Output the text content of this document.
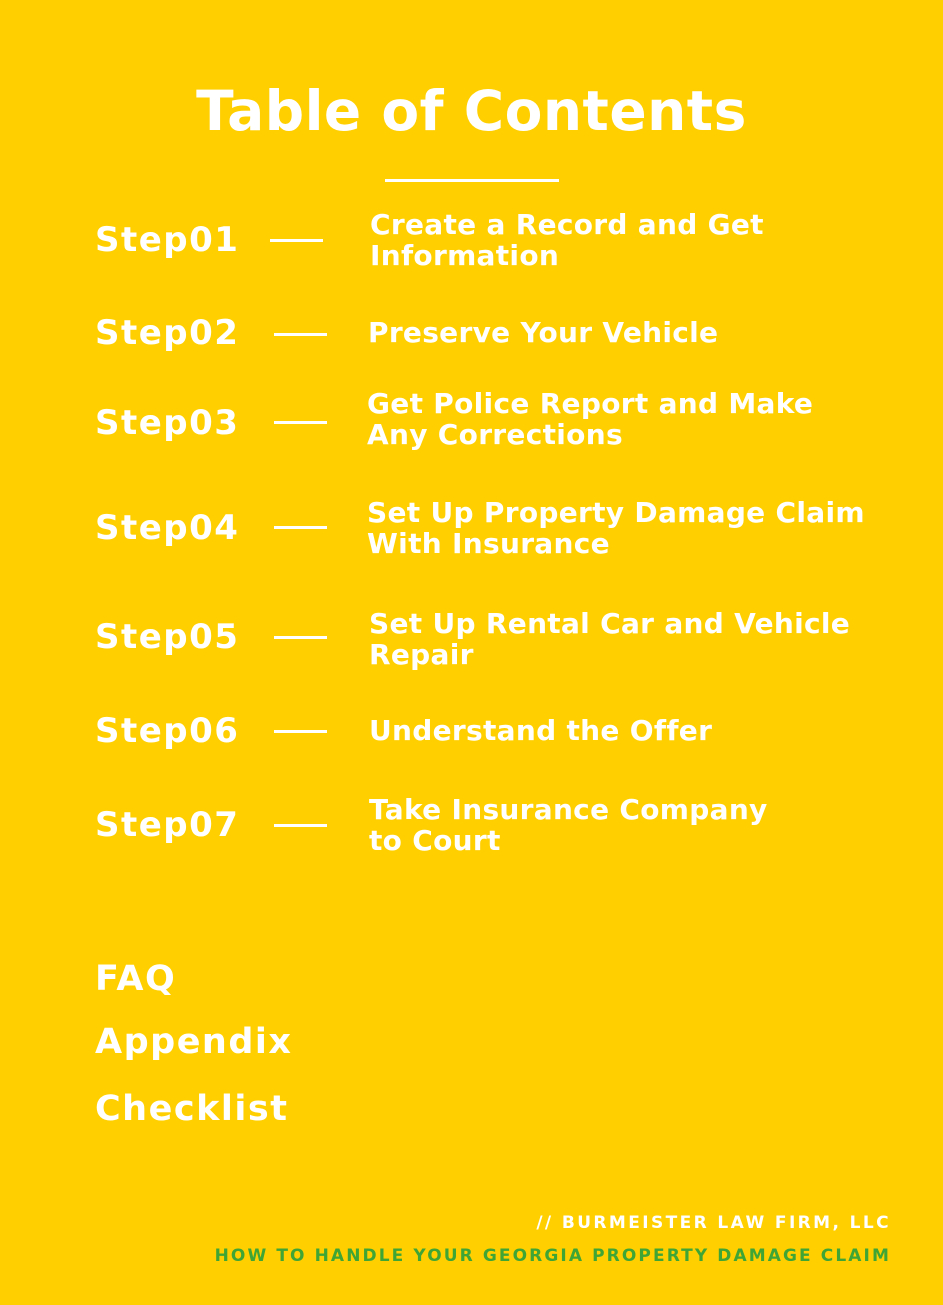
Table of Contents
Step01	Create a Record and Get
Information
Step02	Preserve Your Vehicle
Step03	Get Police Report and Make
Any Corrections
Step04	Set Up Property Damage Claim
With Insurance
Step05	Set Up Rental Car and Vehicle
Repair
Step06	Understand the Offer
Step07	Take Insurance Company
to Court
FAQ
Appendix
Checklist
// BURMEISTER LAW FIRM, LLC
HOW TO HANDLE YOUR GEORGIA PROPERTY DAMAGE CLAIM
